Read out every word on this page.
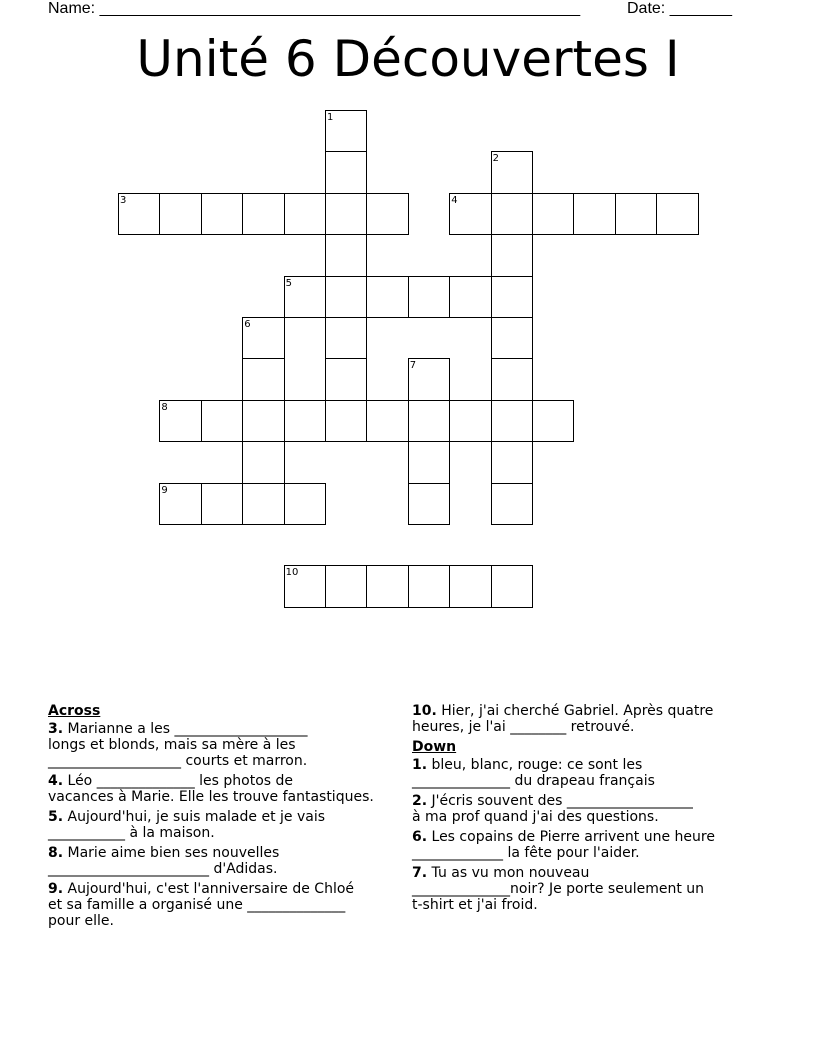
Name: ______________________________________________________	Date: _______
Unité 6 Découvertes I
1
2
3	4
5
6
7
8
9
10
Across
3. Marianne a les ___________________
longs et blonds, mais sa mère à les
___________________ courts et marron.
4. Léo ______________ les photos de
vacances à Marie. Elle les trouve fantastiques.
5. Aujourd'hui, je suis malade et je vais
___________ à la maison.
8. Marie aime bien ses nouvelles
_______________________ d'Adidas.
9. Aujourd'hui, c'est l'anniversaire de Chloé
et sa famille a organisé une ______________
pour elle.
10. Hier, j'ai cherché Gabriel. Après quatre
heures, je l'ai ________ retrouvé.
Down
1. bleu, blanc, rouge: ce sont les
______________ du drapeau français
2. J'écris souvent des __________________
à ma prof quand j'ai des questions.
6. Les copains de Pierre arrivent une heure
_____________ la fête pour l'aider.
7. Tu as vu mon nouveau
______________noir? Je porte seulement un
t-shirt et j'ai froid.
